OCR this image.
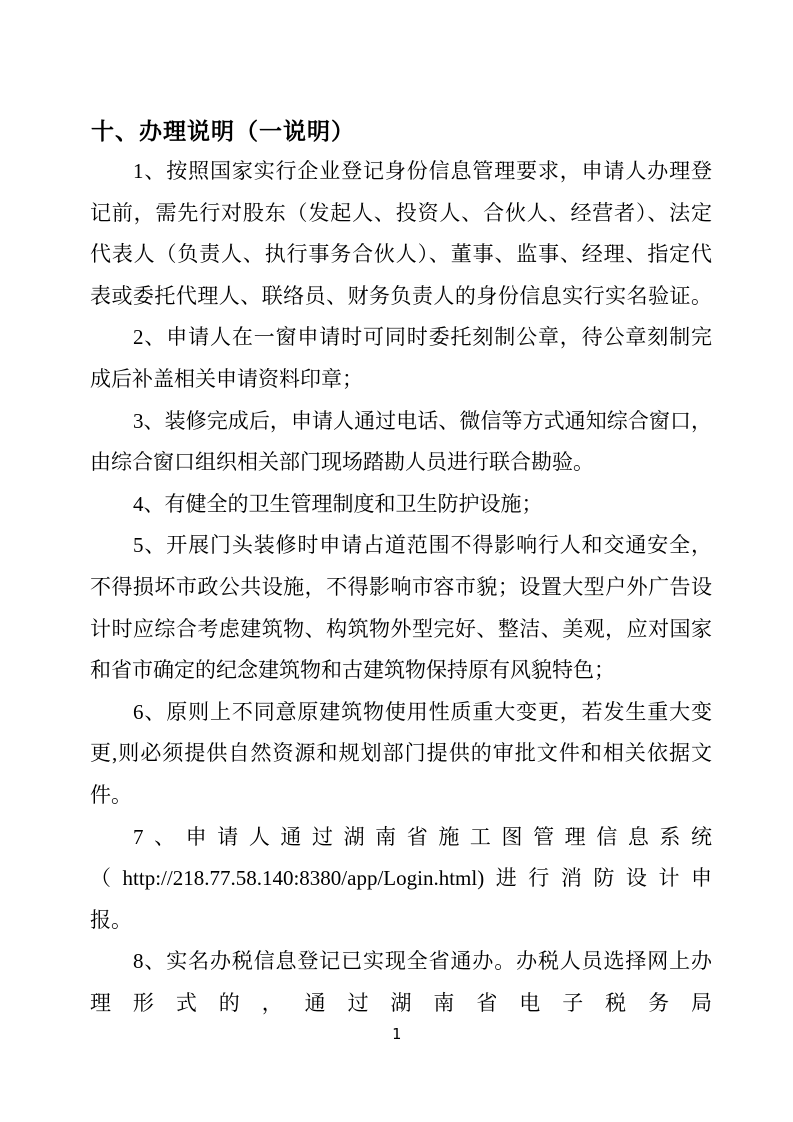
十、办理说明（一说明）
1、按照国家实行企业登记身份信息管理要求，申请人办理登
记前，需先行对股东（发起人、投资人、合伙人、经营者）、法定
代表人（负责人、执行事务合伙人）、董事、监事、经理、指定代
表或委托代理人、联络员、财务负责人的身份信息实行实名验证。
2、申请人在一窗申请时可同时委托刻制公章，待公章刻制完
成后补盖相关申请资料印章；
3、装修完成后，申请人通过电话、微信等方式通知综合窗口，
由综合窗口组织相关部门现场踏勘人员进行联合勘验。
4、有健全的卫生管理制度和卫生防护设施；
5、开展门头装修时申请占道范围不得影响行人和交通安全，
不得损坏市政公共设施，不得影响市容市貌；设置大型户外广告设
计时应综合考虑建筑物、构筑物外型完好、整洁、美观，应对国家
和省市确定的纪念建筑物和古建筑物保持原有风貌特色；
6、原则上不同意原建筑物使用性质重大变更，若发生重大变
更,则必须提供自然资源和规划部门提供的审批文件和相关依据文
件。
7、申请人通过湖南省施工图管理信息系统
（http://218.77.58.140:8380/app/Login.html)进行消防设计申
报。
8、实名办税信息登记已实现全省通办。办税人员选择网上办
理形式的，通过湖南省电子税务局
1
